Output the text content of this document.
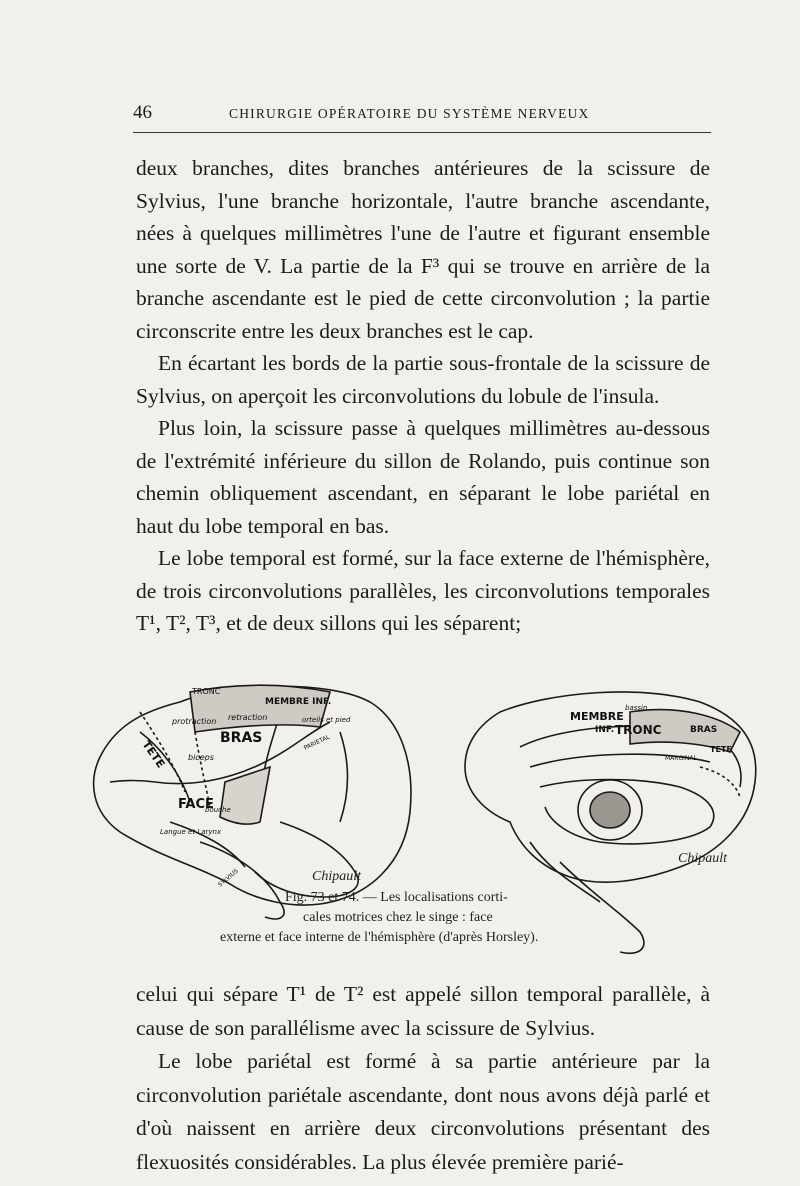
46	CHIRURGIE OPÉRATOIRE DU SYSTÈME NERVEUX

deux branches, dites branches antérieures de la scissure de Sylvius, l'une branche horizontale, l'autre branche ascendante, nées à quelques millimètres l'une de l'autre et figurant ensemble une sorte de V. La partie de la F³ qui se trouve en arrière de la branche ascendante est le pied de cette circonvolution ; la partie circonscrite entre les deux branches est le cap.

En écartant les bords de la partie sous-frontale de la scissure de Sylvius, on aperçoit les circonvolutions du lobule de l'insula.

Plus loin, la scissure passe à quelques millimètres au-dessous de l'extrémité inférieure du sillon de Rolando, puis continue son chemin obliquement ascendant, en séparant le lobe pariétal en haut du lobe temporal en bas.

Le lobe temporal est formé, sur la face externe de l'hémisphère, de trois circonvolutions parallèles, les circonvolutions temporales T¹, T², T³, et de deux sillons qui les séparent;

TRONC
MEMBRE INF.
orteils et pied
protraction retraction
TETE
BRAS
biceps
FACE
bouche
Langue et Larynx
SYLVIUS
PARIETAL
Chipault
MEMBRE
INF. TRONC	BRAS
TETE
bassin
MARGINAL
Chipault
Fig. 73 et 74. — Les localisations corti-
cales motrices chez le singe : face
externe et face interne de l'hémisphère (d'après Horsley).

celui qui sépare T¹ de T² est appelé sillon temporal parallèle, à cause de son parallélisme avec la scissure de Sylvius.

Le lobe pariétal est formé à sa partie antérieure par la circonvolution pariétale ascendante, dont nous avons déjà parlé et d'où naissent en arrière deux circonvolutions présentant des flexuosités considérables. La plus élevée première parié-
